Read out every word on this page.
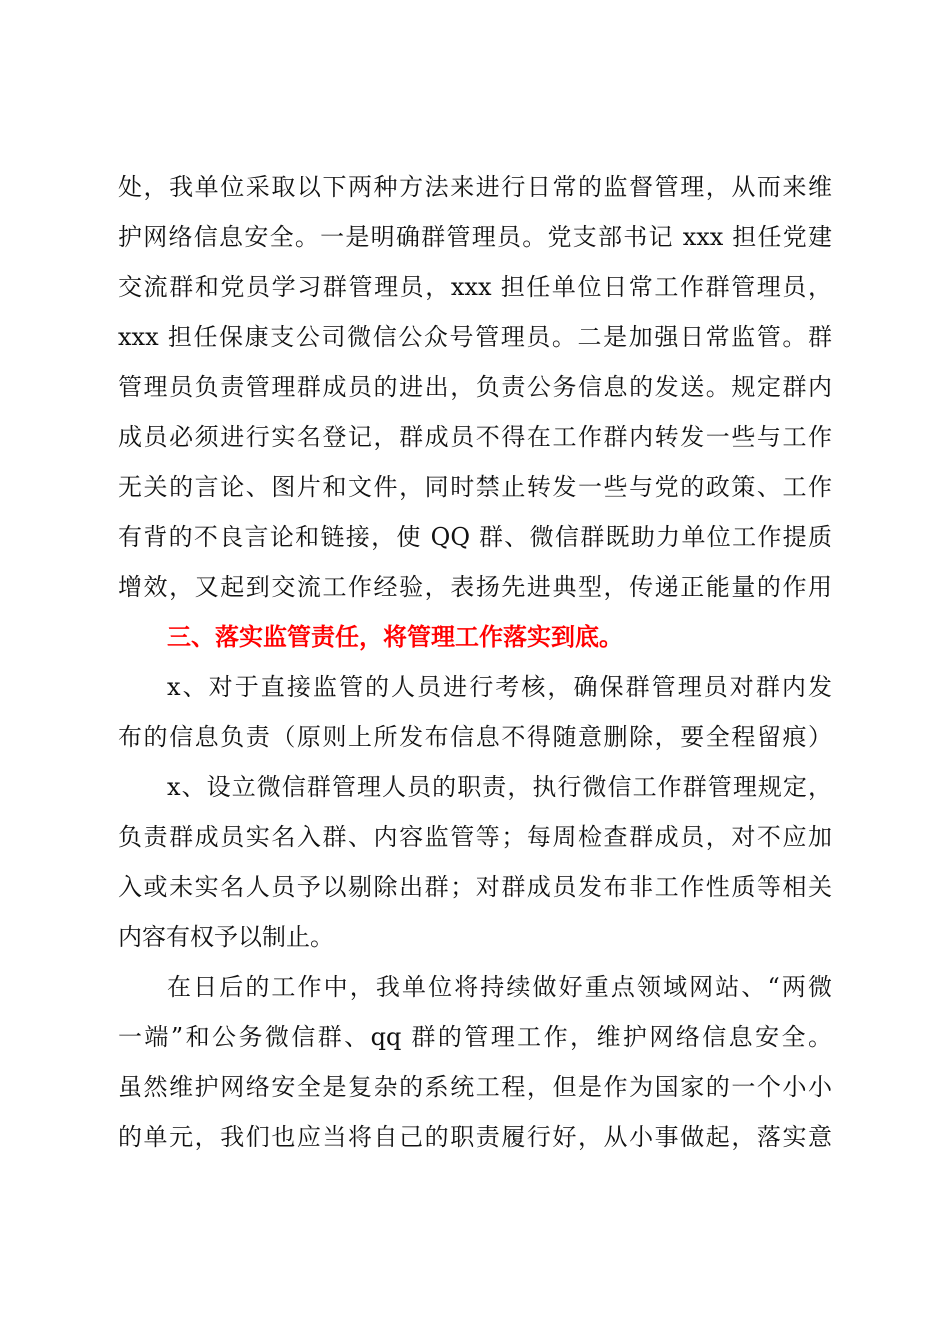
处，我单位采取以下两种方法来进行日常的监督管理，从而来维
护网络信息安全。一是明确群管理员。党支部书记 xxx 担任党建
交流群和党员学习群管理员，xxx 担任单位日常工作群管理员，
xxx 担任保康支公司微信公众号管理员。二是加强日常监管。群
管理员负责管理群成员的进出，负责公务信息的发送。规定群内
成员必须进行实名登记，群成员不得在工作群内转发一些与工作
无关的言论、图片和文件，同时禁止转发一些与党的政策、工作
有背的不良言论和链接，使 QQ 群、微信群既助力单位工作提质
增效，又起到交流工作经验，表扬先进典型，传递正能量的作用
三、落实监管责任，将管理工作落实到底。
x、对于直接监管的人员进行考核，确保群管理员对群内发
布的信息负责（原则上所发布信息不得随意删除，要全程留痕）
x、设立微信群管理人员的职责，执行微信工作群管理规定，
负责群成员实名入群、内容监管等；每周检查群成员，对不应加
入或未实名人员予以剔除出群；对群成员发布非工作性质等相关
内容有权予以制止。
在日后的工作中，我单位将持续做好重点领域网站、“两微
一端”和公务微信群、qq 群的管理工作，维护网络信息安全。
虽然维护网络安全是复杂的系统工程，但是作为国家的一个小小
的单元，我们也应当将自己的职责履行好，从小事做起，落实意
